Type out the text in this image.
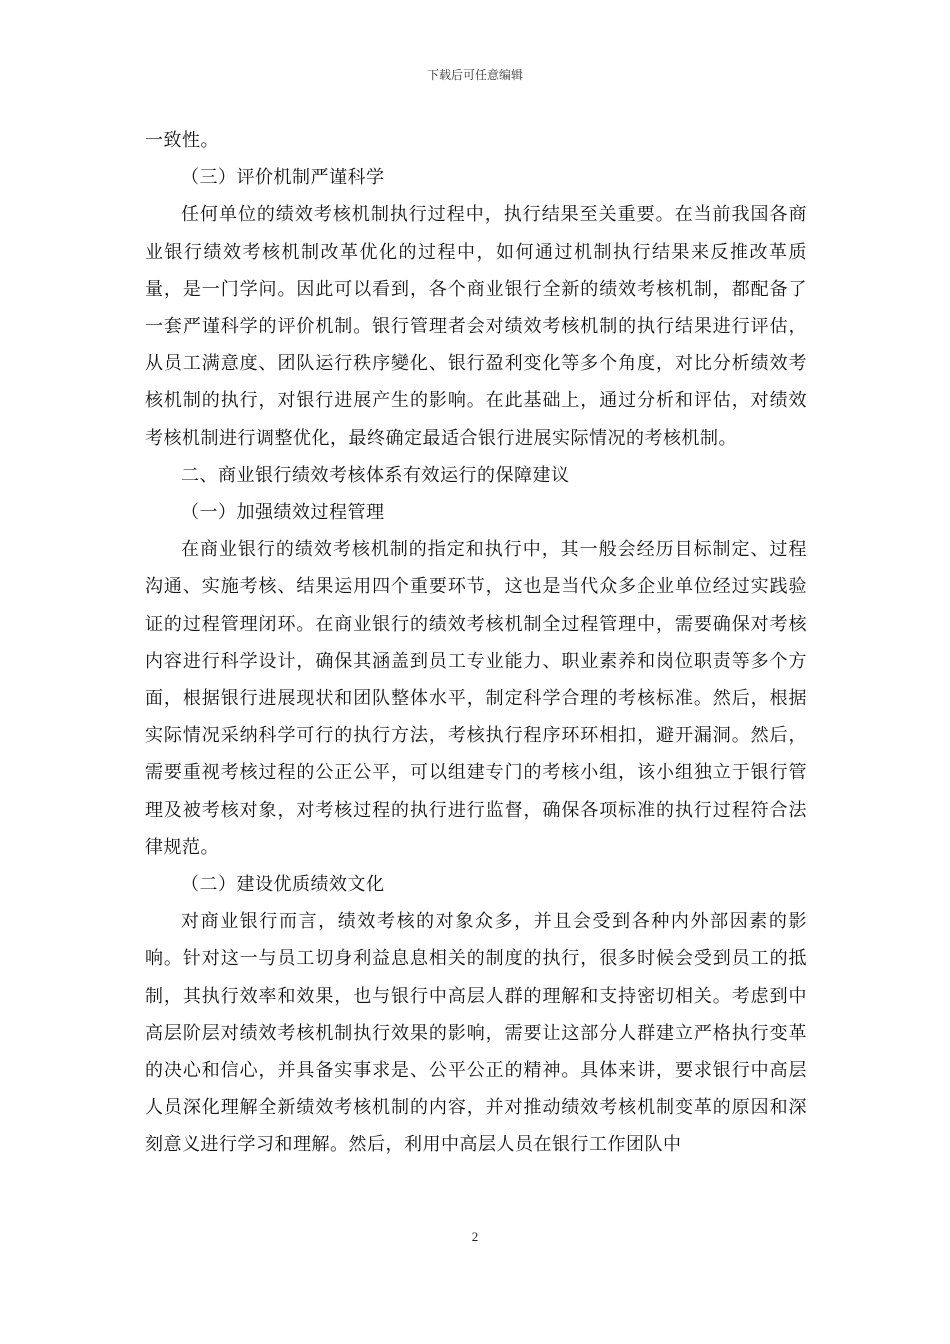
下载后可任意编辑

一致性。

（三）评价机制严谨科学

任何单位的绩效考核机制执行过程中，执行结果至关重要。在当前我国各商业银行绩效考核机制改革优化的过程中，如何通过机制执行结果来反推改革质量，是一门学问。因此可以看到，各个商业银行全新的绩效考核机制，都配备了一套严谨科学的评价机制。银行管理者会对绩效考核机制的执行结果进行评估，从员工满意度、团队运行秩序變化、银行盈利变化等多个角度，对比分析绩效考核机制的执行，对银行进展产生的影响。在此基础上，通过分析和评估，对绩效考核机制进行调整优化，最终确定最适合银行进展实际情况的考核机制。

二、商业银行绩效考核体系有效运行的保障建议

（一）加强绩效过程管理

在商业银行的绩效考核机制的指定和执行中，其一般会经历目标制定、过程沟通、实施考核、结果运用四个重要环节，这也是当代众多企业单位经过实践验证的过程管理闭环。在商业银行的绩效考核机制全过程管理中，需要确保对考核内容进行科学设计，确保其涵盖到员工专业能力、职业素养和岗位职责等多个方面，根据银行进展现状和团队整体水平，制定科学合理的考核标准。然后，根据实际情况采纳科学可行的执行方法，考核执行程序环环相扣，避开漏洞。然后，需要重视考核过程的公正公平，可以组建专门的考核小组，该小组独立于银行管理及被考核对象，对考核过程的执行进行监督，确保各项标准的执行过程符合法律规范。

（二）建设优质绩效文化

对商业银行而言，绩效考核的对象众多，并且会受到各种内外部因素的影响。针对这一与员工切身利益息息相关的制度的执行，很多时候会受到员工的抵制，其执行效率和效果，也与银行中高层人群的理解和支持密切相关。考虑到中高层阶层对绩效考核机制执行效果的影响，需要让这部分人群建立严格执行变革的决心和信心，并具备实事求是、公平公正的精神。具体来讲，要求银行中高层人员深化理解全新绩效考核机制的内容，并对推动绩效考核机制变革的原因和深刻意义进行学习和理解。然后，利用中高层人员在银行工作团队中

2
